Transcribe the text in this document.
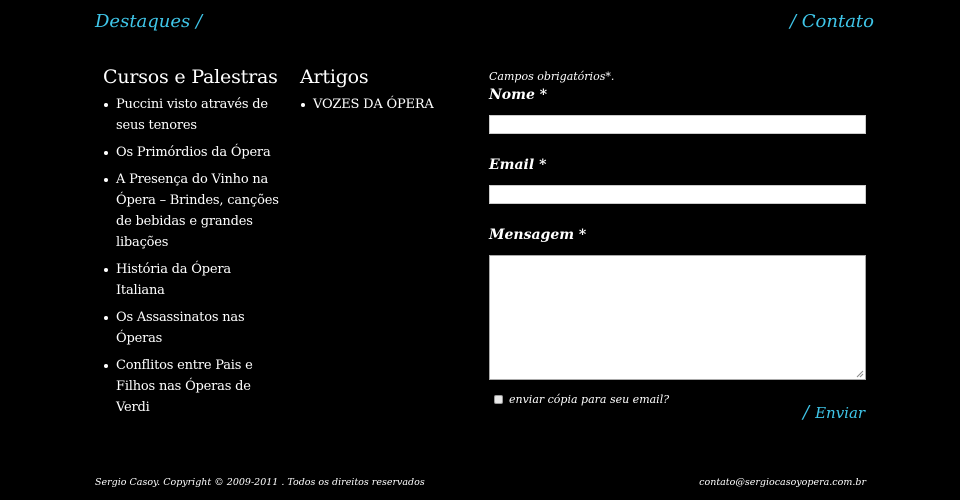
Destaques /	/ Contato
Cursos e Palestras
Puccini visto através de seus tenores
Os Primórdios da Ópera
A Presença do Vinho na Ópera – Brindes, canções de bebidas e grandes libações
História da Ópera Italiana
Os Assassinatos nas Óperas
Conflitos entre Pais e Filhos nas Óperas de Verdi
Artigos
VOZES DA ÓPERA

Campos obrigatórios*.

Nome *

Email *

Mensagem *

enviar cópia para seu email?
/ Enviar
Sergio Casoy. Copyright © 2009-2011 . Todos os direitos reservados	contato@sergiocasoyopera.com.br
